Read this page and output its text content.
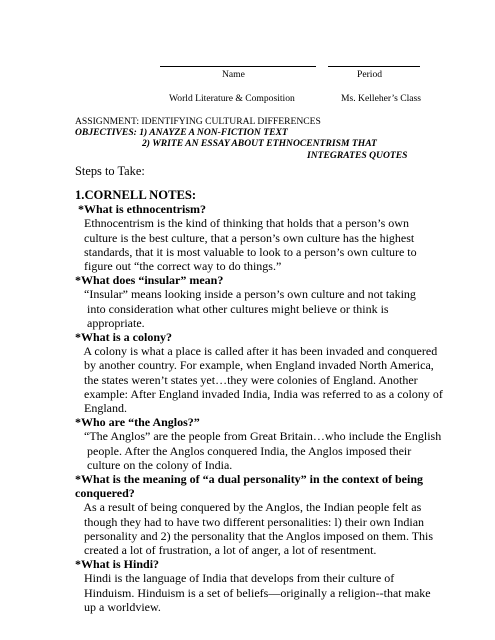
Name	Period
World Literature & Composition	Ms. Kelleher’s Class
ASSIGNMENT: IDENTIFYING CULTURAL DIFFERENCES
OBJECTIVES: 1) ANAYZE A NON-FICTION TEXT
2) WRITE AN ESSAY ABOUT ETHNOCENTRISM THAT
INTEGRATES QUOTES
Steps to Take:
1.CORNELL NOTES:
*What is ethnocentrism?
Ethnocentrism is the kind of thinking that holds that a person’s own
culture is the best culture, that a person’s own culture has the highest
standards, that it is most valuable to look to a person’s own culture to
figure out “the correct way to do things.”
*What does “insular” mean?
“Insular” means looking inside a person’s own culture and not taking
into consideration what other cultures might believe or think is
appropriate.
*What is a colony?
A colony is what a place is called after it has been invaded and conquered
by another country. For example, when England invaded North America,
the states weren’t states yet…they were colonies of England. Another
example: After England invaded India, India was referred to as a colony of
England.
*Who are “the Anglos?”
“The Anglos” are the people from Great Britain…who include the English
people. After the Anglos conquered India, the Anglos imposed their
culture on the colony of India.
*What is the meaning of “a dual personality” in the context of being
conquered?
As a result of being conquered by the Anglos, the Indian people felt as
though they had to have two different personalities: l) their own Indian
personality and 2) the personality that the Anglos imposed on them. This
created a lot of frustration, a lot of anger, a lot of resentment.
*What is Hindi?
Hindi is the language of India that develops from their culture of
Hinduism. Hinduism is a set of beliefs—originally a religion--that make
up a worldview.
